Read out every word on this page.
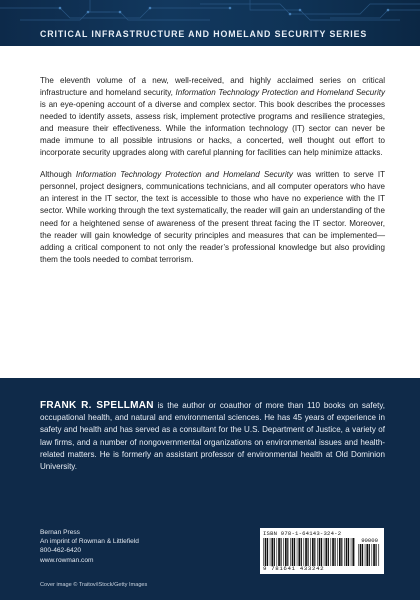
CRITICAL INFRASTRUCTURE AND HOMELAND SECURITY SERIES

The eleventh volume of a new, well-received, and highly acclaimed series on critical infrastructure and homeland security, Information Technology Protection and Homeland Security is an eye-opening account of a diverse and complex sector. This book describes the processes needed to identify assets, assess risk, implement protective programs and resilience strategies, and measure their effectiveness. While the information technology (IT) sector can never be made immune to all possible intrusions or hacks, a concerted, well thought out effort to incorporate security upgrades along with careful planning for facilities can help minimize attacks.

Although Information Technology Protection and Homeland Security was written to serve IT personnel, project designers, communications technicians, and all computer operators who have an interest in the IT sector, the text is accessible to those who have no experience with the IT sector. While working through the text systematically, the reader will gain an understanding of the need for a heightened sense of awareness of the present threat facing the IT sector. Moreover, the reader will gain knowledge of security principles and measures that can be implemented—adding a critical component to not only the reader’s professional knowledge but also providing them the tools needed to combat terrorism.

FRANK R. SPELLMAN is the author or coauthor of more than 110 books on safety, occupational health, and natural and environmental sciences. He has 45 years of experience in safety and health and has served as a consultant for the U.S. Department of Justice, a variety of law firms, and a number of nongovernmental organizations on environmental issues and health-related matters. He is formerly an assistant professor of environmental health at Old Dominion University.
Bernan Press
An imprint of Rowman & Littlefield
800-462-6420
www.rowman.com
Cover image © Traitov/iStock/Getty Images
ISBN 978-1-64143-324-2
9 781641 433242
90000
